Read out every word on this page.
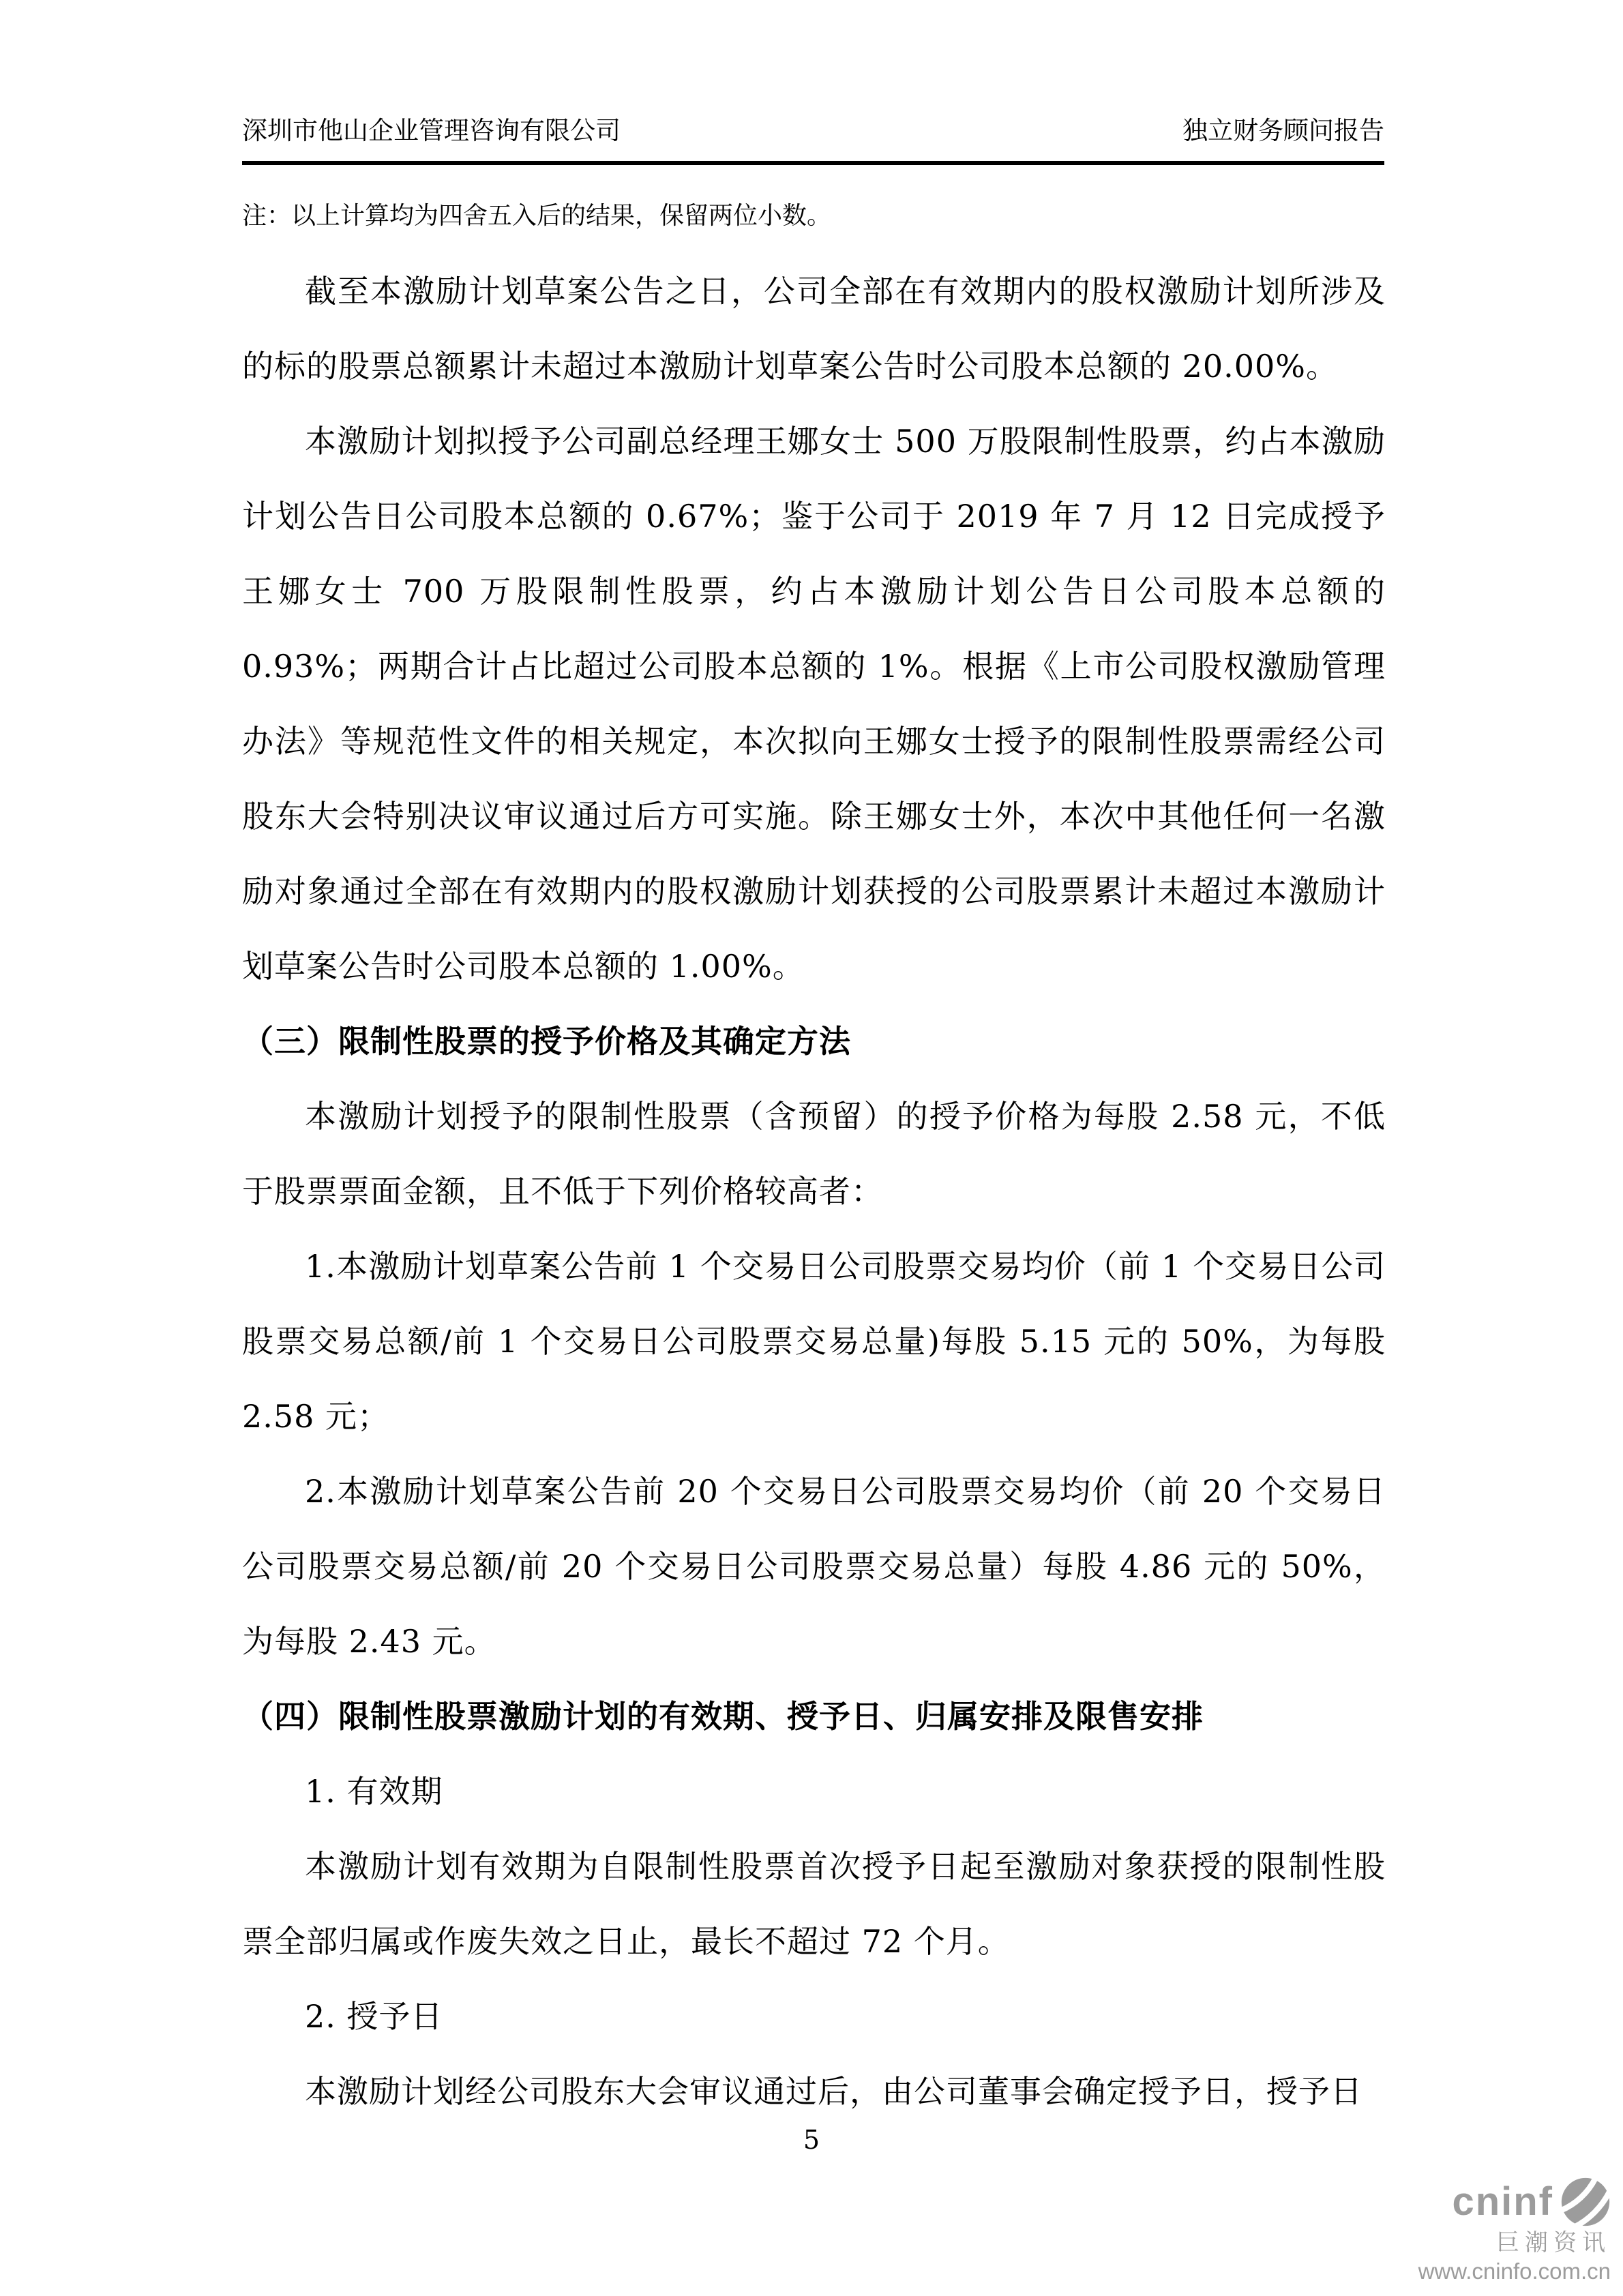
深圳市他山企业管理咨询有限公司	独立财务顾问报告

注：以上计算均为四舍五入后的结果，保留两位小数。

截至本激励计划草案公告之日，公司全部在有效期内的股权激励计划所涉及的标的股票总额累计未超过本激励计划草案公告时公司股本总额的 20.00%。

本激励计划拟授予公司副总经理王娜女士 500 万股限制性股票，约占本激励计划公告日公司股本总额的 0.67%；鉴于公司于 2019 年 7 月 12 日完成授予王娜女士 700 万股限制性股票，约占本激励计划公告日公司股本总额的 0.93%；两期合计占比超过公司股本总额的 1%。根据《上市公司股权激励管理办法》等规范性文件的相关规定，本次拟向王娜女士授予的限制性股票需经公司股东大会特别决议审议通过后方可实施。除王娜女士外，本次中其他任何一名激励对象通过全部在有效期内的股权激励计划获授的公司股票累计未超过本激励计划草案公告时公司股本总额的 1.00%。

（三）限制性股票的授予价格及其确定方法

本激励计划授予的限制性股票（含预留）的授予价格为每股 2.58 元，不低于股票票面金额，且不低于下列价格较高者：

1.本激励计划草案公告前 1 个交易日公司股票交易均价（前 1 个交易日公司股票交易总额/前 1 个交易日公司股票交易总量)每股 5.15 元的 50%，为每股 2.58 元；

2.本激励计划草案公告前 20 个交易日公司股票交易均价（前 20 个交易日公司股票交易总额/前 20 个交易日公司股票交易总量）每股 4.86 元的 50%，为每股 2.43 元。

（四）限制性股票激励计划的有效期、授予日、归属安排及限售安排

1. 有效期

本激励计划有效期为自限制性股票首次授予日起至激励对象获授的限制性股票全部归属或作废失效之日止，最长不超过 72 个月。

2. 授予日

本激励计划经公司股东大会审议通过后，由公司董事会确定授予日，授予日

5
cninf
巨潮资讯
www.cninfo.com.cn
